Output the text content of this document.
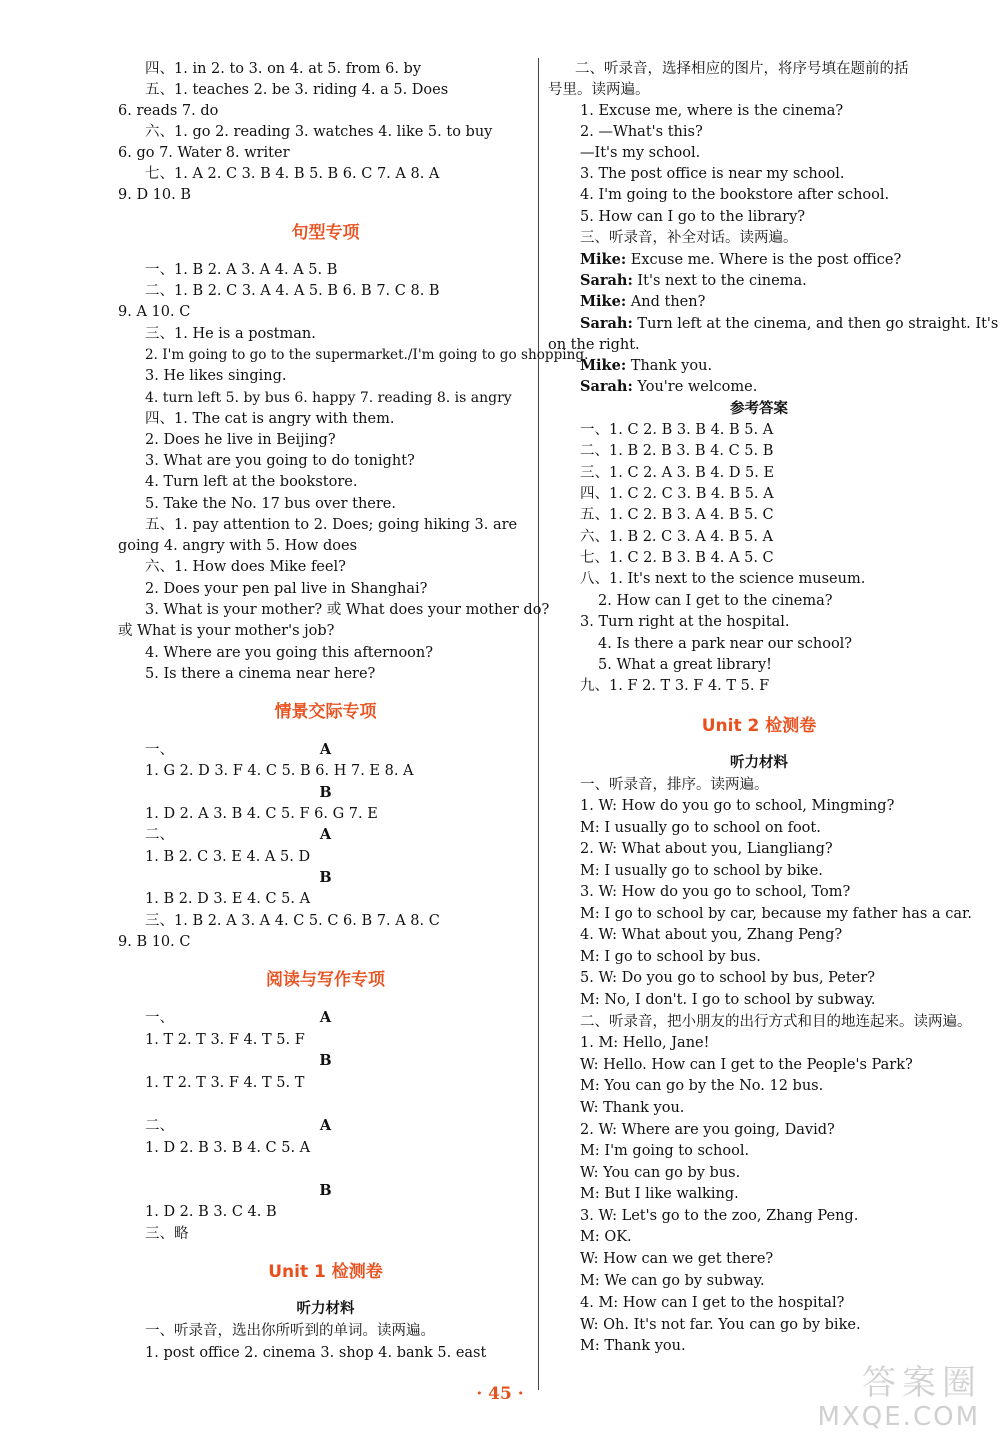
四、1. in 2. to 3. on 4. at 5. from 6. by
五、1. teaches 2. be 3. riding 4. a 5. Does
6. reads 7. do
六、1. go 2. reading 3. watches 4. like 5. to buy
6. go 7. Water 8. writer
七、1. A 2. C 3. B 4. B 5. B 6. C 7. A 8. A
9. D 10. B
句型专项
一、1. B 2. A 3. A 4. A 5. B
二、1. B 2. C 3. A 4. A 5. B 6. B 7. C 8. B
9. A 10. C
三、1. He is a postman.
2. I'm going to go to the supermarket./I'm going to go shopping.
3. He likes singing.
4. turn left 5. by bus 6. happy 7. reading 8. is angry
四、1. The cat is angry with them.
2. Does he live in Beijing?
3. What are you going to do tonight?
4. Turn left at the bookstore.
5. Take the No. 17 bus over there.
五、1. pay attention to 2. Does; going hiking 3. are
going 4. angry with 5. How does
六、1. How does Mike feel?
2. Does your pen pal live in Shanghai?
3. What is your mother? 或 What does your mother do?
或 What is your mother's job?
4. Where are you going this afternoon?
5. Is there a cinema near here?
情景交际专项
一、	A
1. G 2. D 3. F 4. C 5. B 6. H 7. E 8. A
B
1. D 2. A 3. B 4. C 5. F 6. G 7. E
二、	A
1. B 2. C 3. E 4. A 5. D
B
1. B 2. D 3. E 4. C 5. A
三、1. B 2. A 3. A 4. C 5. C 6. B 7. A 8. C
9. B 10. C
阅读与写作专项
一、	A
1. T 2. T 3. F 4. T 5. F
B
1. T 2. T 3. F 4. T 5. T
二、	A
1. D 2. B 3. B 4. C 5. A
B
1. D 2. B 3. C 4. B
三、略
Unit 1 检测卷
听力材料
一、听录音，选出你所听到的单词。读两遍。
1. post office 2. cinema 3. shop 4. bank 5. east
二、听录音，选择相应的图片，将序号填在题前的括
号里。读两遍。
1. Excuse me, where is the cinema?
2. —What's this?
—It's my school.
3. The post office is near my school.
4. I'm going to the bookstore after school.
5. How can I go to the library?
三、听录音，补全对话。读两遍。
Mike: Excuse me. Where is the post office?
Sarah: It's next to the cinema.
Mike: And then?
Sarah: Turn left at the cinema, and then go straight. It's
on the right.
Mike: Thank you.
Sarah: You're welcome.
参考答案
一、1. C 2. B 3. B 4. B 5. A
二、1. B 2. B 3. B 4. C 5. B
三、1. C 2. A 3. B 4. D 5. E
四、1. C 2. C 3. B 4. B 5. A
五、1. C 2. B 3. A 4. B 5. C
六、1. B 2. C 3. A 4. B 5. A
七、1. C 2. B 3. B 4. A 5. C
八、1. It's next to the science museum.
2. How can I get to the cinema?
3. Turn right at the hospital.
4. Is there a park near our school?
5. What a great library!
九、1. F 2. T 3. F 4. T 5. F
Unit 2 检测卷
听力材料
一、听录音，排序。读两遍。
1. W: How do you go to school, Mingming?
M: I usually go to school on foot.
2. W: What about you, Liangliang?
M: I usually go to school by bike.
3. W: How do you go to school, Tom?
M: I go to school by car, because my father has a car.
4. W: What about you, Zhang Peng?
M: I go to school by bus.
5. W: Do you go to school by bus, Peter?
M: No, I don't. I go to school by subway.
二、听录音，把小朋友的出行方式和目的地连起来。读两遍。
1. M: Hello, Jane!
W: Hello. How can I get to the People's Park?
M: You can go by the No. 12 bus.
W: Thank you.
2. W: Where are you going, David?
M: I'm going to school.
W: You can go by bus.
M: But I like walking.
3. W: Let's go to the zoo, Zhang Peng.
M: OK.
W: How can we get there?
M: We can go by subway.
4. M: How can I get to the hospital?
W: Oh. It's not far. You can go by bike.
M: Thank you.
· 45 ·	答案圈
MXQE.COM
